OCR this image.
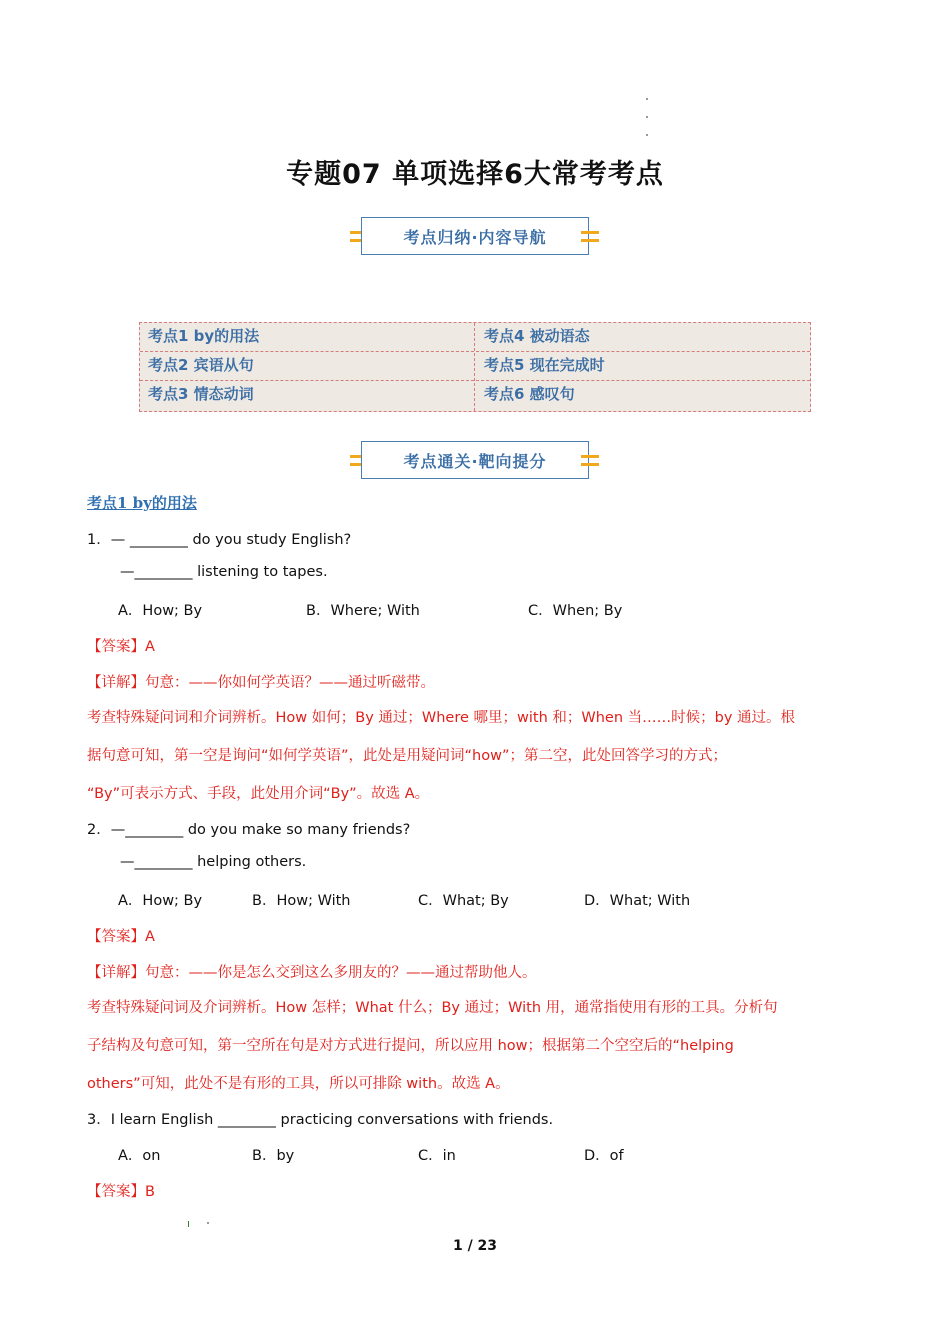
专题07 单项选择6大常考考点
考点归纳·内容导航
考点1 by的用法	考点4 被动语态
考点2 宾语从句	考点5 现在完成时
考点3 情态动词	考点6 感叹句
考点通关·靶向提分
考点1 by的用法
1．— ________ do you study English?
—________ listening to tapes.
A．How; By	B．Where; With	C．When; By
【答案】A
【详解】句意：——你如何学英语？——通过听磁带。
考查特殊疑问词和介词辨析。How 如何；By 通过；Where 哪里；with 和；When 当……时候；by 通过。根
据句意可知，第一空是询问“如何学英语”，此处是用疑问词“how”；第二空，此处回答学习的方式；
“By”可表示方式、手段，此处用介词“By”。故选 A。
2．—________ do you make so many friends?
—________ helping others.
A．How; By	B．How; With	C．What; By	D．What; With
【答案】A
【详解】句意：——你是怎么交到这么多朋友的？——通过帮助他人。
考查特殊疑问词及介词辨析。How 怎样；What 什么；By 通过；With 用，通常指使用有形的工具。分析句
子结构及句意可知，第一空所在句是对方式进行提问，所以应用 how；根据第二个空空后的“helping
others”可知，此处不是有形的工具，所以可排除 with。故选 A。
3．I learn English ________ practicing conversations with friends.
A．on	B．by	C．in	D．of
【答案】B
1 / 23
